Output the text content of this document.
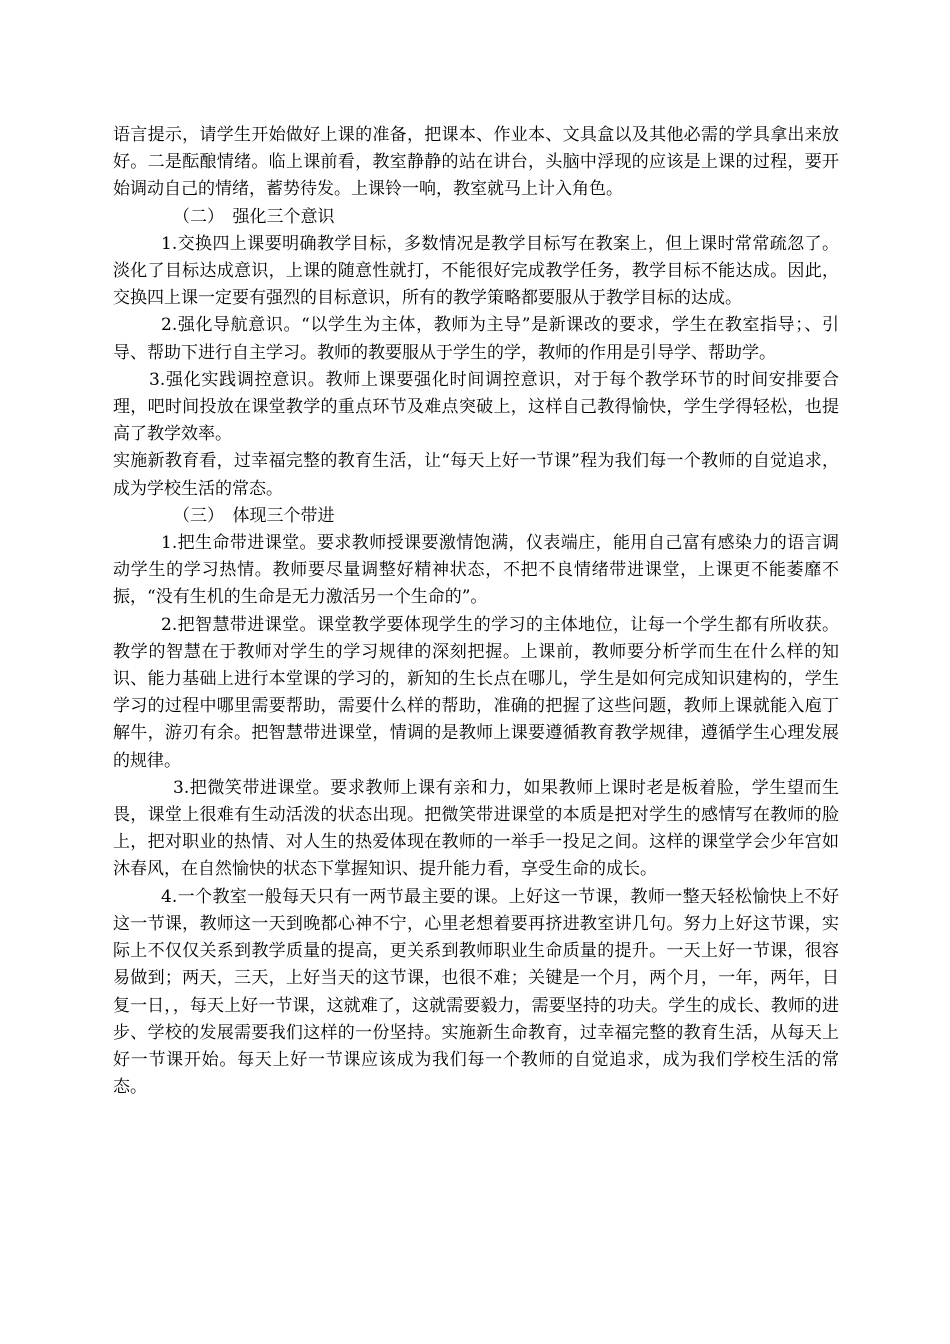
语言提示，请学生开始做好上课的准备，把课本、作业本、文具盒以及其他必需的学具拿出来放好。二是酝酿情绪。临上课前看，教室静静的站在讲台，头脑中浮现的应该是上课的过程，要开始调动自己的情绪，蓄势待发。上课铃一响，教室就马上计入角色。

（二）　强化三个意识

1.交换四上课要明确教学目标，多数情况是教学目标写在教案上，但上课时常常疏忽了。淡化了目标达成意识，上课的随意性就打，不能很好完成教学任务，教学目标不能达成。因此，交换四上课一定要有强烈的目标意识，所有的教学策略都要服从于教学目标的达成。

2.强化导航意识。“以学生为主体，教师为主导”是新课改的要求，学生在教室指导；、引导、帮助下进行自主学习。教师的教要服从于学生的学，教师的作用是引导学、帮助学。

3.强化实践调控意识。教师上课要强化时间调控意识，对于每个教学环节的时间安排要合理，吧时间投放在课堂教学的重点环节及难点突破上，这样自己教得愉快，学生学得轻松，也提高了教学效率。

实施新教育看，过幸福完整的教育生活，让“每天上好一节课”程为我们每一个教师的自觉追求，成为学校生活的常态。

（三）　体现三个带进

1.把生命带进课堂。要求教师授课要激情饱满，仪表端庄，能用自己富有感染力的语言调动学生的学习热情。教师要尽量调整好精神状态，不把不良情绪带进课堂，上课更不能萎靡不振，“没有生机的生命是无力激活另一个生命的”。

2.把智慧带进课堂。课堂教学要体现学生的学习的主体地位，让每一个学生都有所收获。教学的智慧在于教师对学生的学习规律的深刻把握。上课前，教师要分析学而生在什么样的知识、能力基础上进行本堂课的学习的，新知的生长点在哪儿，学生是如何完成知识建构的，学生学习的过程中哪里需要帮助，需要什么样的帮助，准确的把握了这些问题，教师上课就能入庖丁解牛，游刃有余。把智慧带进课堂，情调的是教师上课要遵循教育教学规律，遵循学生心理发展的规律。

3.把微笑带进课堂。要求教师上课有亲和力，如果教师上课时老是板着脸，学生望而生畏，课堂上很难有生动活泼的状态出现。把微笑带进课堂的本质是把对学生的感情写在教师的脸上，把对职业的热情、对人生的热爱体现在教师的一举手一投足之间。这样的课堂学会少年宫如沐春风，在自然愉快的状态下掌握知识、提升能力看，享受生命的成长。

4.一个教室一般每天只有一两节最主要的课。上好这一节课，教师一整天轻松愉快上不好这一节课，教师这一天到晚都心神不宁，心里老想着要再挤进教室讲几句。努力上好这节课，实际上不仅仅关系到教学质量的提高，更关系到教师职业生命质量的提升。一天上好一节课，很容易做到；两天，三天，上好当天的这节课，也很不难；关键是一个月，两个月，一年，两年，日复一日，，每天上好一节课，这就难了，这就需要毅力，需要坚持的功夫。学生的成长、教师的进步、学校的发展需要我们这样的一份坚持。实施新生命教育，过幸福完整的教育生活，从每天上好一节课开始。每天上好一节课应该成为我们每一个教师的自觉追求，成为我们学校生活的常态。
